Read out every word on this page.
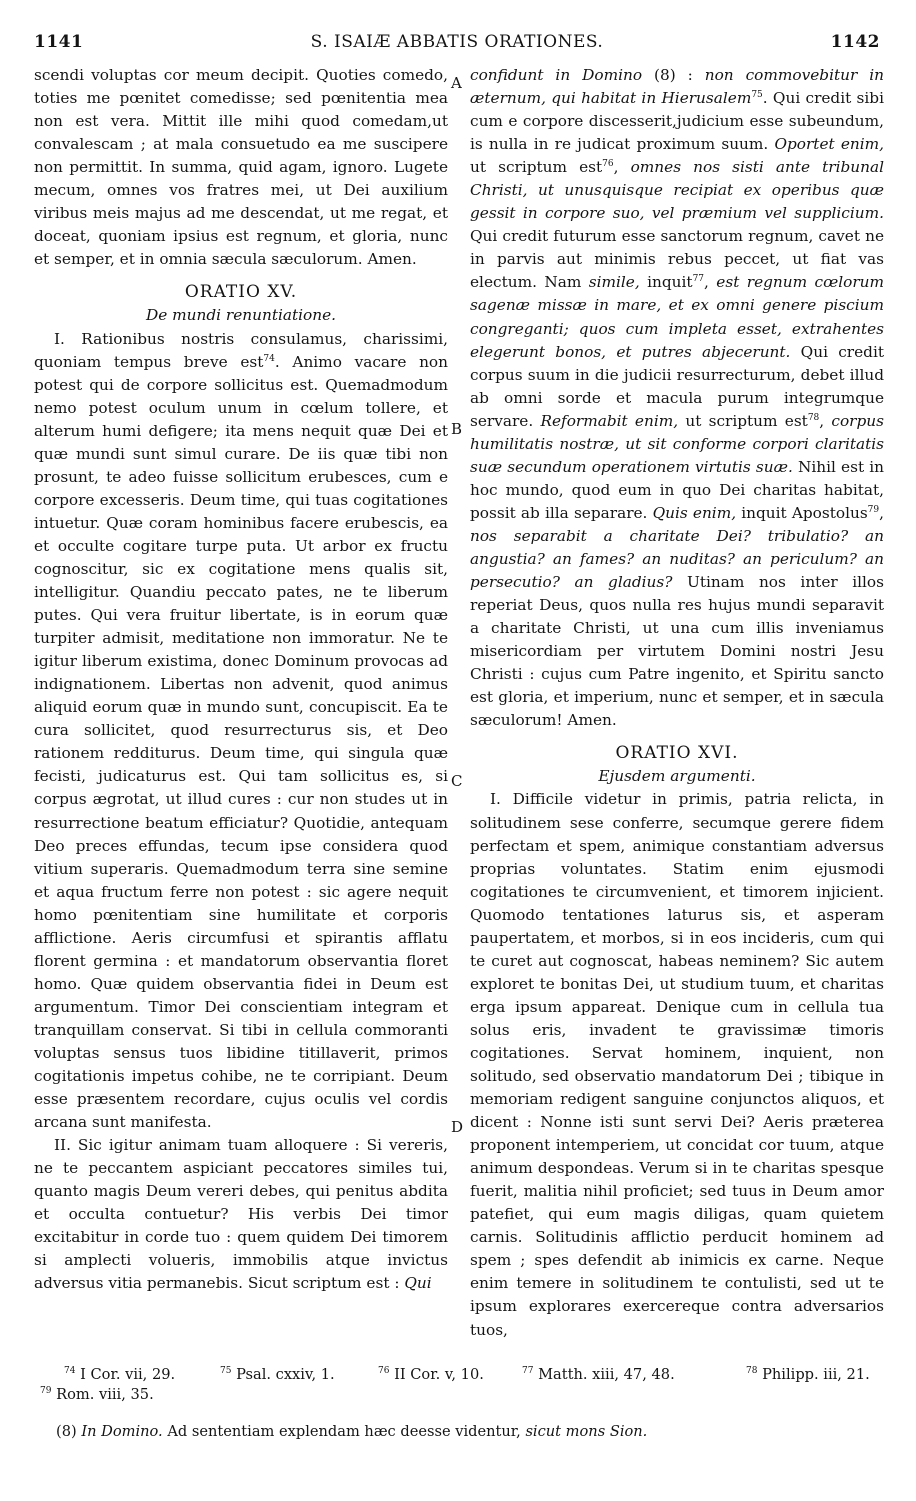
1141	S. ISAIÆ ABBATIS ORATIONES.	1142

scendi voluptas cor meum decipit. Quoties comedo, toties me pœnitet comedisse; sed pœnitentia mea non est vera. Mittit ille mihi quod comedam,ut convalescam ; at mala consuetudo ea me suscipere non permittit. In summa, quid agam, ignoro. Lugete mecum, omnes vos fratres mei, ut Dei auxilium viribus meis majus ad me descendat, ut me regat, et doceat, quoniam ipsius est regnum, et gloria, nunc et semper, et in omnia sæcula sæculorum. Amen.

ORATIO XV.

De mundi renuntiatione.

I. Rationibus nostris consulamus, charissimi, quoniam tempus breve est$^{74}$. Animo vacare non potest qui de corpore sollicitus est. Quemadmodum nemo potest oculum unum in cœlum tollere, et alterum humi defigere; ita mens nequit quæ Dei et quæ mundi sunt simul curare. De iis quæ tibi non prosunt, te adeo fuisse sollicitum erubesces, cum e corpore excesseris. Deum time, qui tuas cogitationes intuetur. Quæ coram hominibus facere erubescis, ea et occulte cogitare turpe puta. Ut arbor ex fructu cognoscitur, sic ex cogitatione mens qualis sit, intelligitur. Quandiu peccato pates, ne te liberum putes. Qui vera fruitur libertate, is in eorum quæ turpiter admisit, meditatione non immoratur. Ne te igitur liberum existima, donec Dominum provocas ad indignationem. Libertas non advenit, quod animus aliquid eorum quæ in mundo sunt, concupiscit. Ea te cura sollicitet, quod resurrecturus sis, et Deo rationem redditurus. Deum time, qui singula quæ fecisti, judicaturus est. Qui tam sollicitus es, si corpus ægrotat, ut illud cures : cur non studes ut in resurrectione beatum efficiatur? Quotidie, antequam Deo preces effundas, tecum ipse considera quod vitium superaris. Quemadmodum terra sine semine et aqua fructum ferre non potest : sic agere nequit homo pœnitentiam sine humilitate et corporis afflictione. Aeris circumfusi et spirantis afflatu florent germina : et mandatorum observantia floret homo. Quæ quidem observantia fidei in Deum est argumentum. Timor Dei conscientiam integram et tranquillam conservat. Si tibi in cellula commoranti voluptas sensus tuos libidine titillaverit, primos cogitationis impetus cohibe, ne te corripiant. Deum esse præsentem recordare, cujus oculis vel cordis arcana sunt manifesta.

II. Sic igitur animam tuam alloquere : Si vereris, ne te peccantem aspiciant peccatores similes tui, quanto magis Deum vereri debes, qui penitus abdita et occulta contuetur? His verbis Dei timor excitabitur in corde tuo : quem quidem Dei timorem si amplecti volueris, immobilis atque invictus adversus vitia permanebis. Sicut scriptum est : Qui

A
B
C
D

confidunt in Domino (8) : non commovebitur in æternum, qui habitat in Hierusalem$^{75}$. Qui credit sibi cum e corpore discesserit,judicium esse subeundum, is nulla in re judicat proximum suum. Oportet enim, ut scriptum est$^{76}$, omnes nos sisti ante tribunal Christi, ut unusquisque recipiat ex operibus quæ gessit in corpore suo, vel præmium vel supplicium. Qui credit futurum esse sanctorum regnum, cavet ne in parvis aut minimis rebus peccet, ut fiat vas electum. Nam simile, inquit$^{77}$, est regnum cœlorum sagenæ missæ in mare, et ex omni genere piscium congreganti; quos cum impleta esset, extrahentes elegerunt bonos, et putres abjecerunt. Qui credit corpus suum in die judicii resurrecturum, debet illud ab omni sorde et macula purum integrumque servare. Reformabit enim, ut scriptum est$^{78}$, corpus humilitatis nostræ, ut sit conforme corpori claritatis suæ secundum operationem virtutis suæ. Nihil est in hoc mundo, quod eum in quo Dei charitas habitat, possit ab illa separare. Quis enim, inquit Apostolus$^{79}$, nos separabit a charitate Dei? tribulatio? an angustia? an fames? an nuditas? an periculum? an persecutio? an gladius? Utinam nos inter illos reperiat Deus, quos nulla res hujus mundi separavit a charitate Christi, ut una cum illis inveniamus misericordiam per virtutem Domini nostri Jesu Christi : cujus cum Patre ingenito, et Spiritu sancto est gloria, et imperium, nunc et semper, et in sæcula sæculorum! Amen.

ORATIO XVI.

Ejusdem argumenti.

I. Difficile videtur in primis, patria relicta, in solitudinem sese conferre, secumque gerere fidem perfectam et spem, animique constantiam adversus proprias voluntates. Statim enim ejusmodi cogitationes te circumvenient, et timorem injicient. Quomodo tentationes laturus sis, et asperam paupertatem, et morbos, si in eos incideris, cum qui te curet aut cognoscat, habeas neminem? Sic autem exploret te bonitas Dei, ut studium tuum, et charitas erga ipsum appareat. Denique cum in cellula tua solus eris, invadent te gravissimæ timoris cogitationes. Servat hominem, inquient, non solitudo, sed observatio mandatorum Dei ; tibique in memoriam redigent sanguine conjunctos aliquos, et dicent : Nonne isti sunt servi Dei? Aeris præterea proponent intemperiem, ut concidat cor tuum, atque animum despondeas. Verum si in te charitas spesque fuerit, malitia nihil proficiet; sed tuus in Deum amor patefiet, qui eum magis diligas, quam quietem carnis. Solitudinis afflictio perducit hominem ad spem ; spes defendit ab inimicis ex carne. Neque enim temere in solitudinem te contulisti, sed ut te ipsum explorares exercereque contra adversarios tuos,

$^{74}$ I Cor. vii, 29.	$^{75}$ Psal. cxxiv, 1.	$^{76}$ II Cor. v, 10.	$^{77}$ Matth. xiii, 47, 48.	$^{78}$ Philipp. iii, 21.
$^{79}$ Rom. viii, 35.
(8) In Domino. Ad sententiam explendam hæc deesse videntur, sicut mons Sion.
